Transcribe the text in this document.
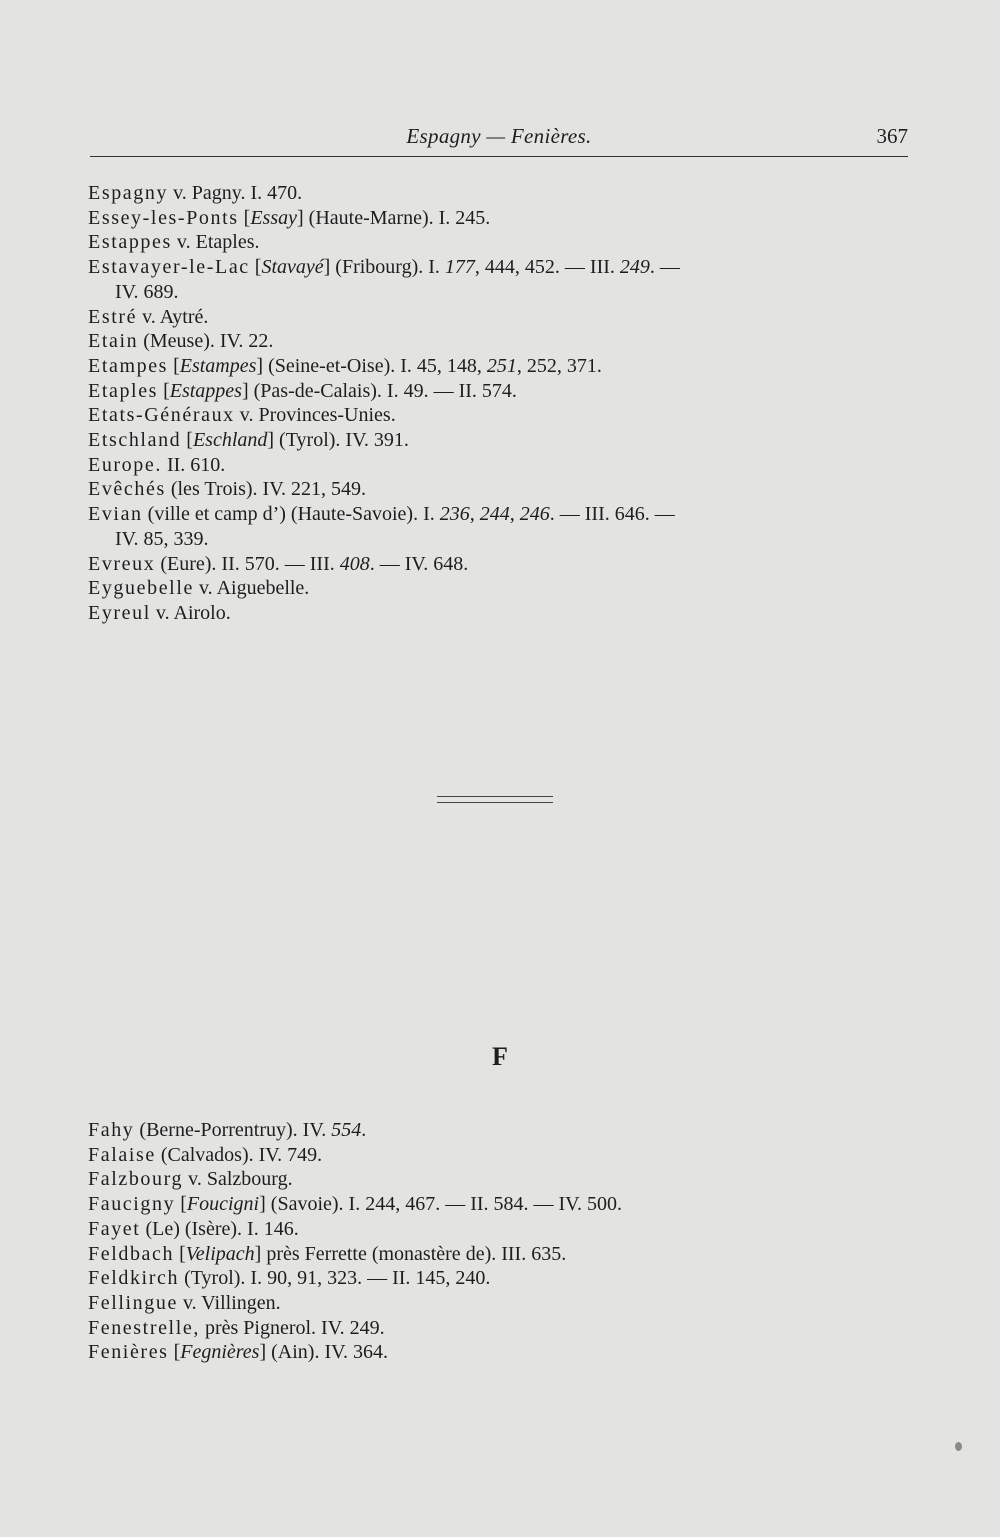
Espagny — Fenières.	367
Espagny v. Pagny. I. 470.
Essey-les-Ponts [Essay] (Haute-Marne). I. 245.
Estappes v. Etaples.
Estavayer-le-Lac [Stavayé] (Fribourg). I. 177, 444, 452. — III. 249. —
IV. 689.
Estré v. Aytré.
Etain (Meuse). IV. 22.
Etampes [Estampes] (Seine-et-Oise). I. 45, 148, 251, 252, 371.
Etaples [Estappes] (Pas-de-Calais). I. 49. — II. 574.
Etats-Généraux v. Provinces-Unies.
Etschland [Eschland] (Tyrol). IV. 391.
Europe. II. 610.
Evêchés (les Trois). IV. 221, 549.
Evian (ville et camp d’) (Haute-Savoie). I. 236, 244, 246. — III. 646. —
IV. 85, 339.
Evreux (Eure). II. 570. — III. 408. — IV. 648.
Eyguebelle v. Aiguebelle.
Eyreul v. Airolo.
F
Fahy (Berne-Porrentruy). IV. 554.
Falaise (Calvados). IV. 749.
Falzbourg v. Salzbourg.
Faucigny [Foucigni] (Savoie). I. 244, 467. — II. 584. — IV. 500.
Fayet (Le) (Isère). I. 146.
Feldbach [Velipach] près Ferrette (monastère de). III. 635.
Feldkirch (Tyrol). I. 90, 91, 323. — II. 145, 240.
Fellingue v. Villingen.
Fenestrelle, près Pignerol. IV. 249.
Fenières [Fegnières] (Ain). IV. 364.
